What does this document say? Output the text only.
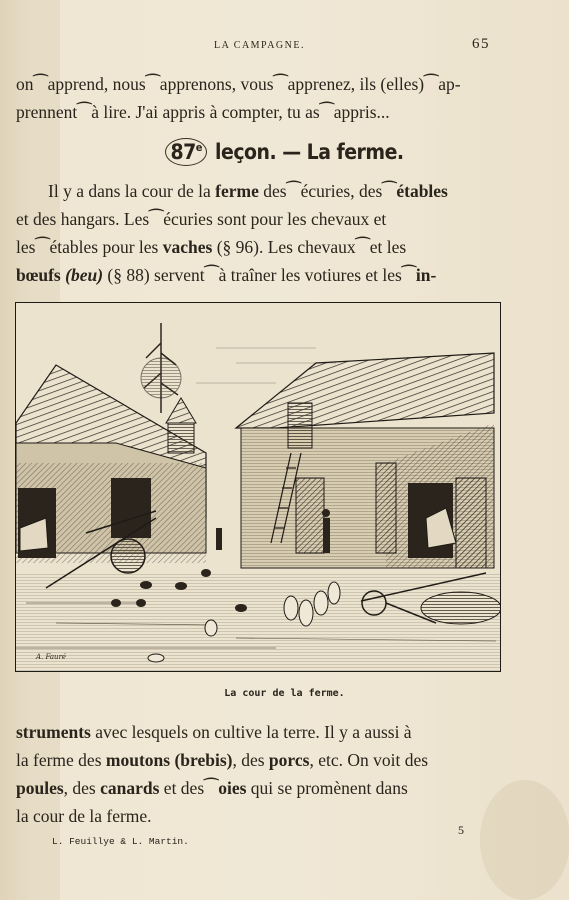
LA CAMPAGNE.	65
on⁀apprend, nous⁀apprenons, vous⁀apprenez, ils (elles)⁀ap-
prennent⁀à lire. J'ai appris à compter, tu as⁀appris...
87e leçon. — La ferme.
Il y a dans la cour de la ferme des⁀écuries, des⁀étables
et des hangars. Les⁀écuries sont pour les chevaux et
les⁀étables pour les vaches (§ 96). Les chevaux⁀et les
bœufs (beu) (§ 88) servent⁀à traîner les votiures et les⁀in-
A. Fauré
La cour de la ferme.
struments avec lesquels on cultive la terre. Il y a aussi à
la ferme des moutons (brebis), des porcs, etc. On voit des
poules, des canards et des⁀oies qui se promènent dans
la cour de la ferme.
L. Feuillye & L. Martin.
5
